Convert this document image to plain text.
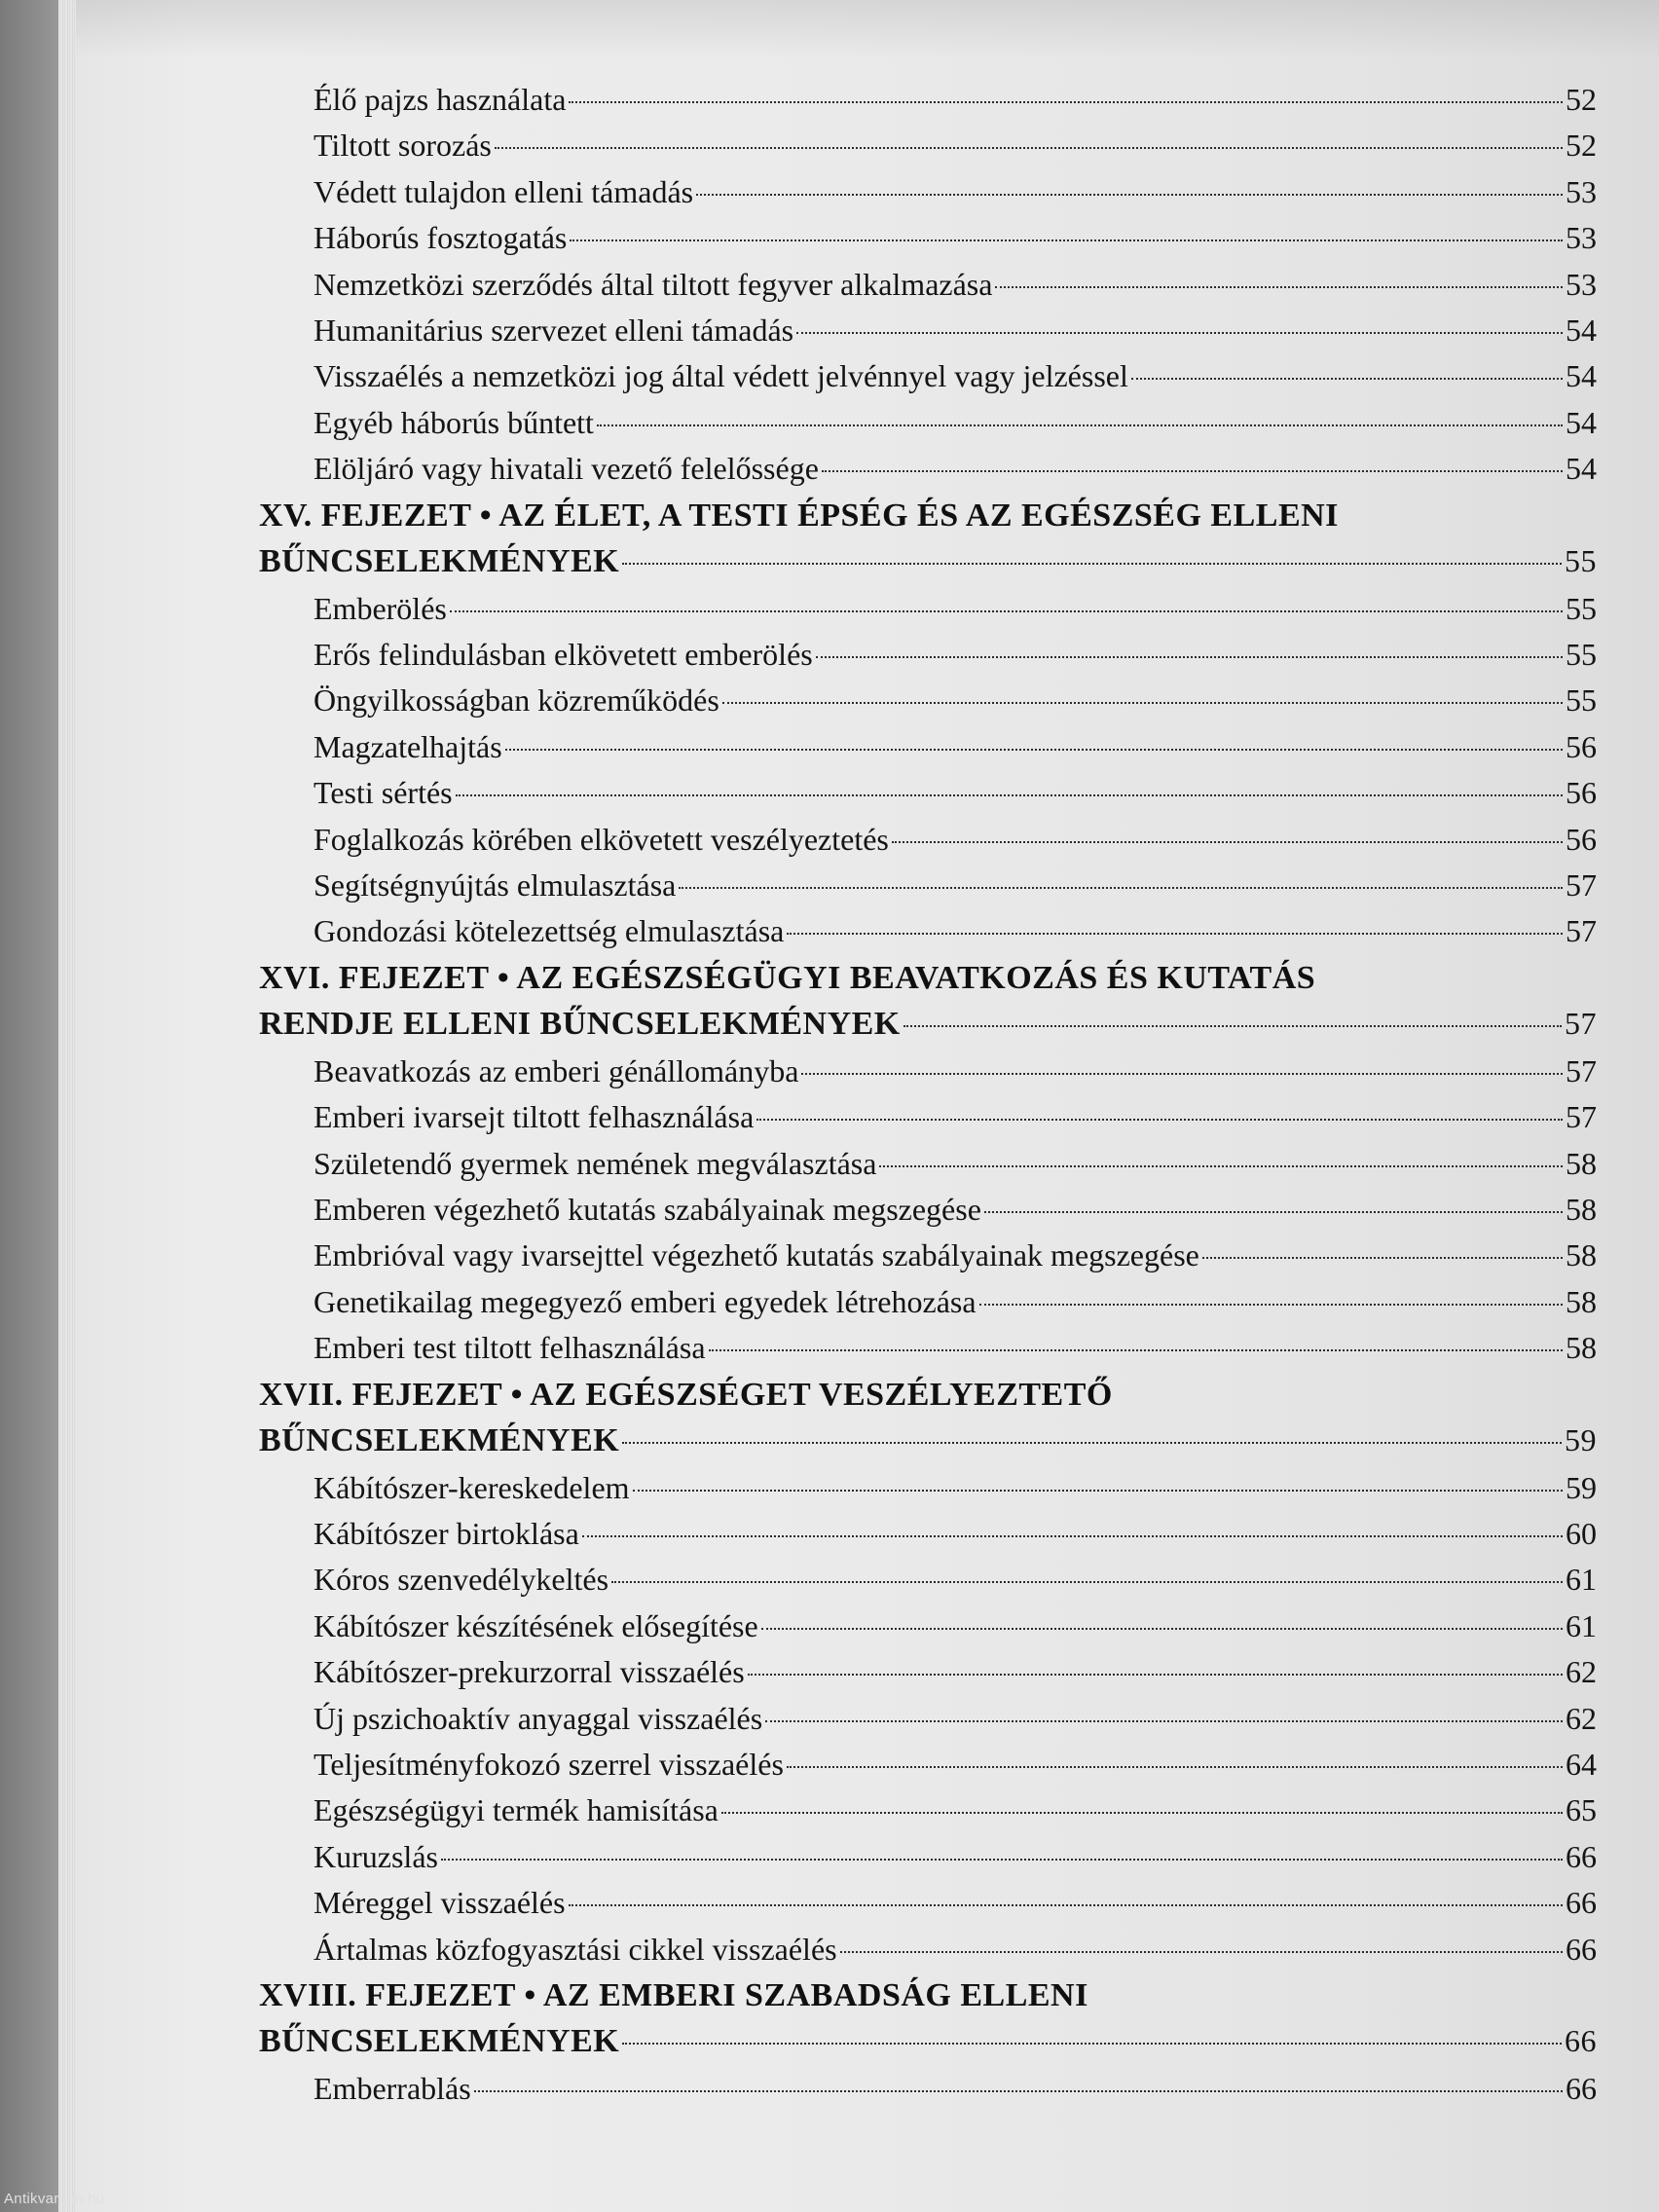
Élő pajzs használata	52
Tiltott sorozás	52
Védett tulajdon elleni támadás	53
Háborús fosztogatás	53
Nemzetközi szerződés által tiltott fegyver alkalmazása	53
Humanitárius szervezet elleni támadás	54
Visszaélés a nemzetközi jog által védett jelvénnyel vagy jelzéssel	54
Egyéb háborús bűntett	54
Elöljáró vagy hivatali vezető felelőssége	54
XV. FEJEZET • AZ ÉLET, A TESTI ÉPSÉG ÉS AZ EGÉSZSÉG ELLENI
BŰNCSELEKMÉNYEK	55
Emberölés	55
Erős felindulásban elkövetett emberölés	55
Öngyilkosságban közreműködés	55
Magzatelhajtás	56
Testi sértés	56
Foglalkozás körében elkövetett veszélyeztetés	56
Segítségnyújtás elmulasztása	57
Gondozási kötelezettség elmulasztása	57
XVI. FEJEZET • AZ EGÉSZSÉGÜGYI BEAVATKOZÁS ÉS KUTATÁS
RENDJE ELLENI BŰNCSELEKMÉNYEK	57
Beavatkozás az emberi génállományba	57
Emberi ivarsejt tiltott felhasználása	57
Születendő gyermek nemének megválasztása	58
Emberen végezhető kutatás szabályainak megszegése	58
Embrióval vagy ivarsejttel végezhető kutatás szabályainak megszegése	58
Genetikailag megegyező emberi egyedek létrehozása	58
Emberi test tiltott felhasználása	58
XVII. FEJEZET • AZ EGÉSZSÉGET VESZÉLYEZTETŐ
BŰNCSELEKMÉNYEK	59
Kábítószer-kereskedelem	59
Kábítószer birtoklása	60
Kóros szenvedélykeltés	61
Kábítószer készítésének elősegítése	61
Kábítószer-prekurzorral visszaélés	62
Új pszichoaktív anyaggal visszaélés	62
Teljesítményfokozó szerrel visszaélés	64
Egészségügyi termék hamisítása	65
Kuruzslás	66
Méreggel visszaélés	66
Ártalmas közfogyasztási cikkel visszaélés	66
XVIII. FEJEZET • AZ EMBERI SZABADSÁG ELLENI
BŰNCSELEKMÉNYEK	66
Emberrablás	66
Antikvarium.hu
